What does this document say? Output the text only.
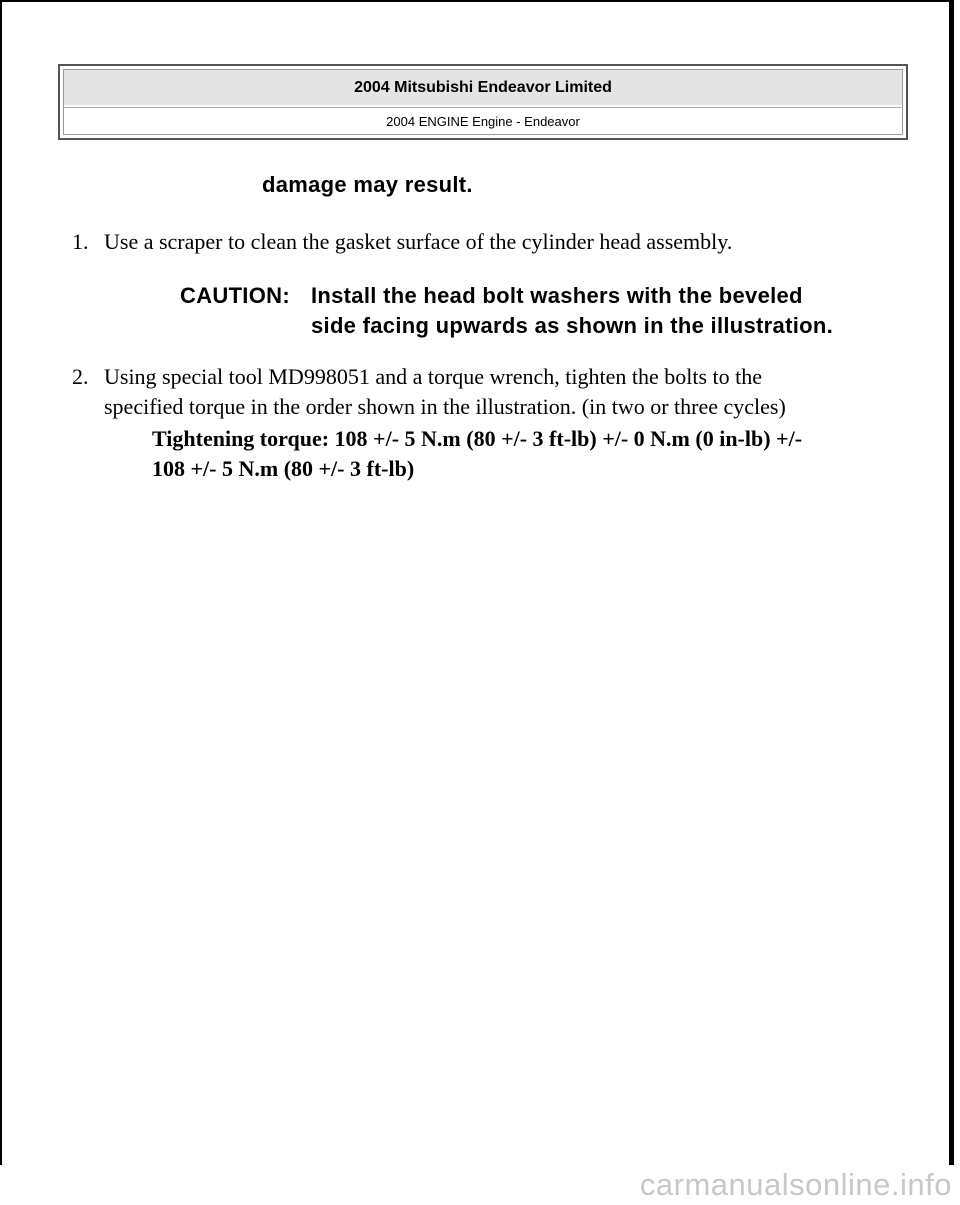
2004 Mitsubishi Endeavor Limited
2004 ENGINE Engine - Endeavor
damage may result.
1. Use a scraper to clean the gasket surface of the cylinder head assembly.
CAUTION: Install the head bolt washers with the beveled
side facing upwards as shown in the illustration.
2. Using special tool MD998051 and a torque wrench, tighten the bolts to the
specified torque in the order shown in the illustration. (in two or three cycles)
Tightening torque: 108 +/- 5 N.m (80 +/- 3 ft-lb) +/- 0 N.m (0 in-lb) +/-
108 +/- 5 N.m (80 +/- 3 ft-lb)
carmanualsonline.info
